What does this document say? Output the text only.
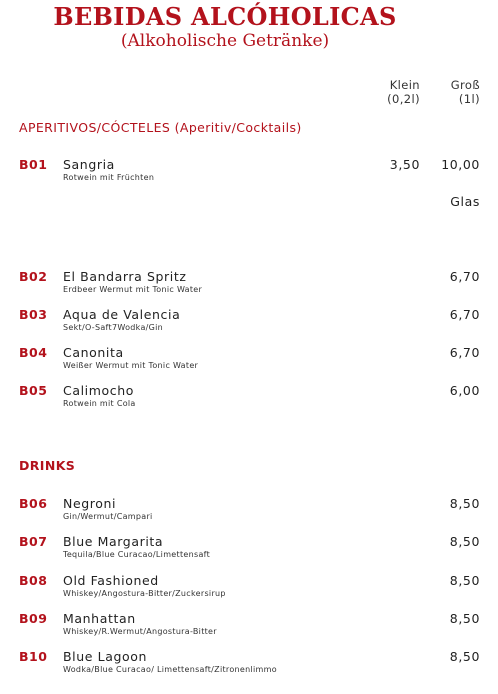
BEBIDAS ALCÓHOLICAS
(Alkoholische Getränke)
Klein
(0,2l)
Groß
(1l)
APERITIVOS/CÓCTELES (Aperitiv/Cocktails)
B01 Sangria
Rotwein mit Früchten
3,50 10,00
Glas
B02 El Bandarra Spritz
Erdbeer Wermut mit Tonic Water
6,70
B03 Aqua de Valencia
Sekt/O-Saft7Wodka/Gin
6,70
B04 Canonita
Weißer Wermut mit Tonic Water
6,70
B05 Calimocho
Rotwein mit Cola
6,00
DRINKS
B06 Negroni
Gin/Wermut/Campari
8,50
B07 Blue Margarita
Tequila/Blue Curacao/Limettensaft
8,50
B08 Old Fashioned
Whiskey/Angostura-Bitter/Zuckersirup
8,50
B09 Manhattan
Whiskey/R.Wermut/Angostura-Bitter
8,50
B10 Blue Lagoon
Wodka/Blue Curacao/ Limettensaft/Zitronenlimmo
8,50
